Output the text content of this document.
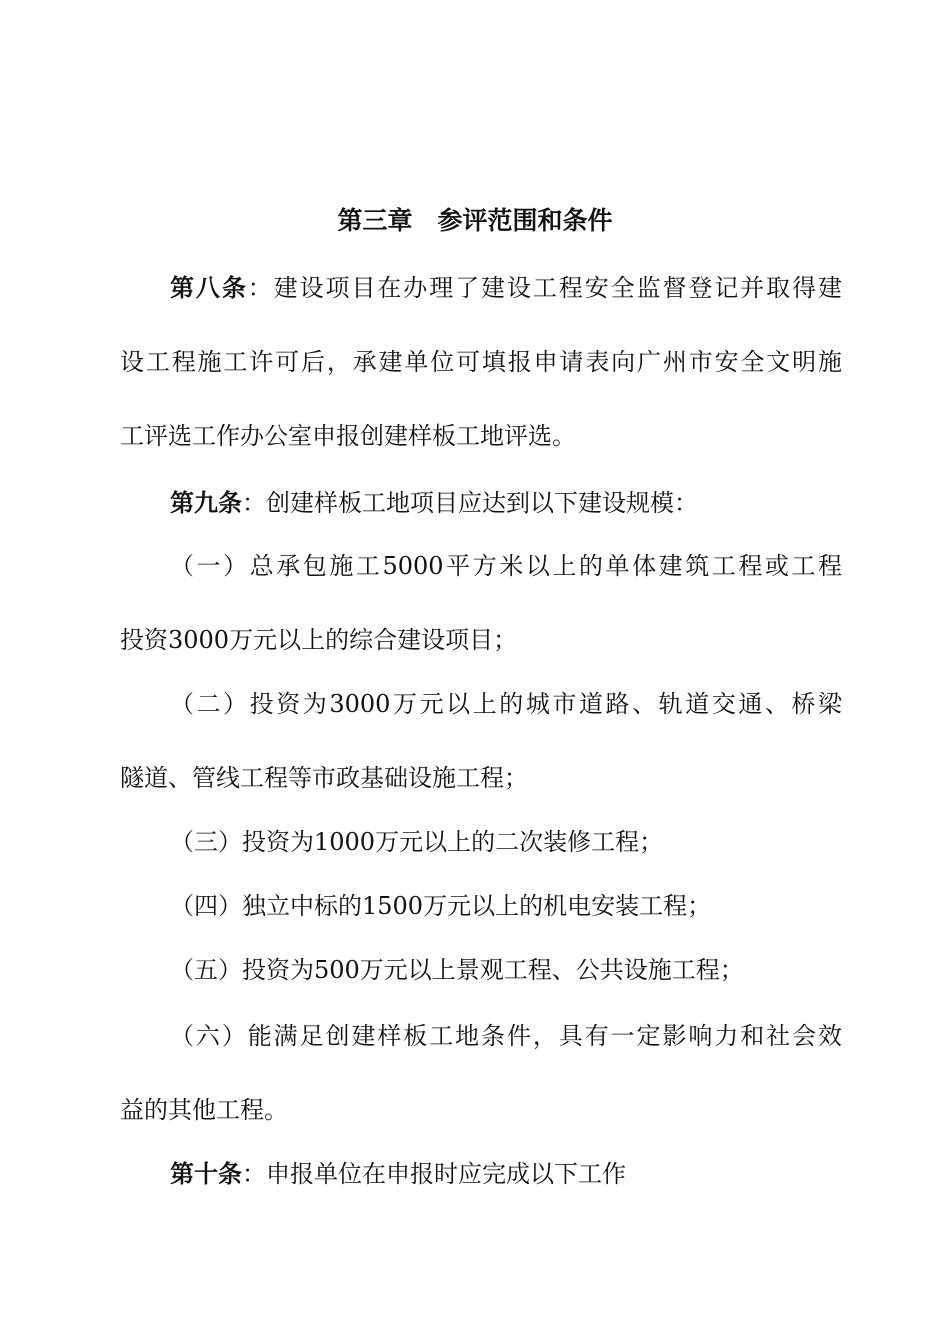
第三章　参评范围和条件
第八条：建设项目在办理了建设工程安全监督登记并取得建
设工程施工许可后，承建单位可填报申请表向广州市安全文明施
工评选工作办公室申报创建样板工地评选。
第九条：创建样板工地项目应达到以下建设规模：
（一）总承包施工5000平方米以上的单体建筑工程或工程
投资3000万元以上的综合建设项目；
（二）投资为3000万元以上的城市道路、轨道交通、桥梁
隧道、管线工程等市政基础设施工程；
（三）投资为1000万元以上的二次装修工程；
（四）独立中标的1500万元以上的机电安装工程；
（五）投资为500万元以上景观工程、公共设施工程；
（六）能满足创建样板工地条件，具有一定影响力和社会效
益的其他工程。
第十条：申报单位在申报时应完成以下工作
